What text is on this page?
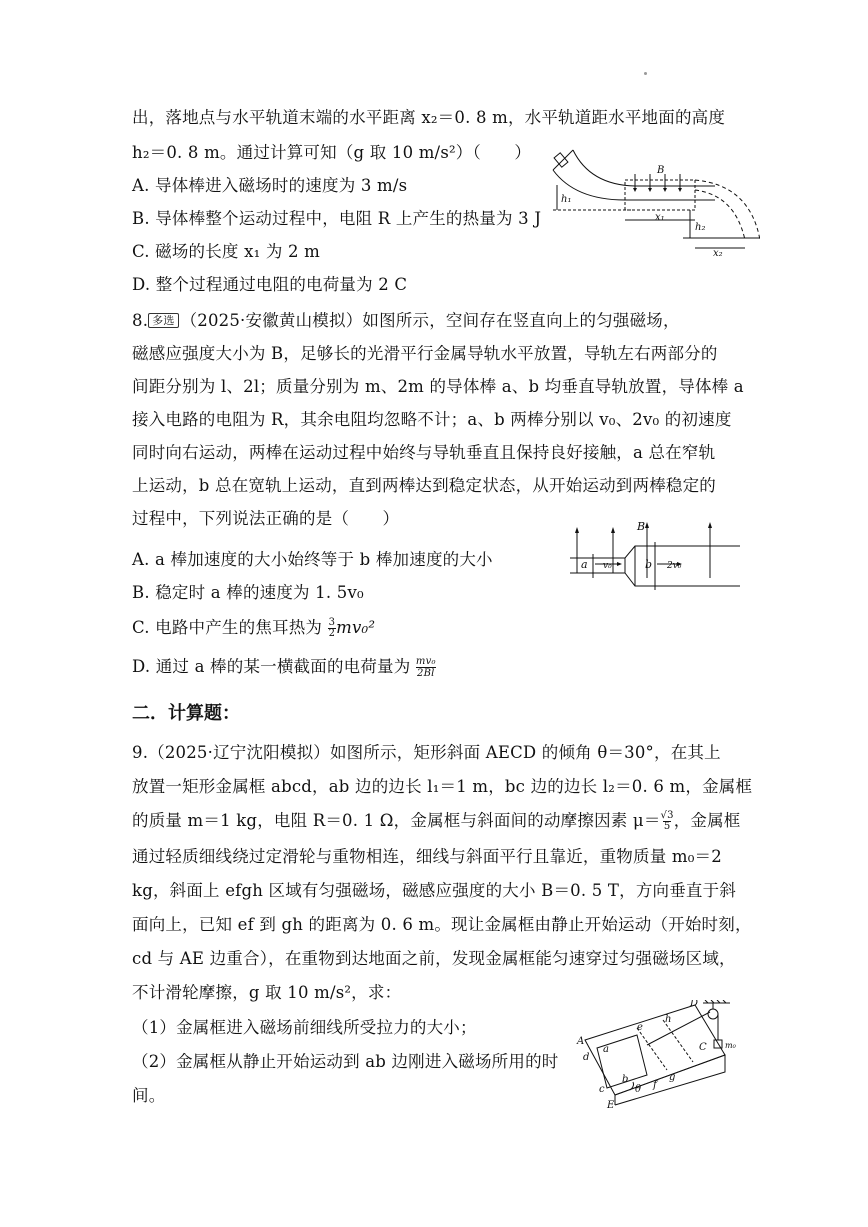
出，落地点与水平轨道末端的水平距离 x₂＝0. 8 m，水平轨道距水平地面的高度
h₂＝0. 8 m。通过计算可知（g 取 10 m/s²）（　　）
A. 导体棒进入磁场时的速度为 3 m/s
B. 导体棒整个运动过程中，电阻 R 上产生的热量为 3 J
C. 磁场的长度 x₁ 为 2 m
D. 整个过程通过电阻的电荷量为 2 C
h₁
B
x₁
h₂
x₂
8. 多选 （2025·安徽黄山模拟）如图所示，空间存在竖直向上的匀强磁场，
磁感应强度大小为 B，足够长的光滑平行金属导轨水平放置，导轨左右两部分的
间距分别为 l、2l；质量分别为 m、2m 的导体棒 a、b 均垂直导轨放置，导体棒 a
接入电路的电阻为 R，其余电阻均忽略不计；a、b 两棒分别以 v₀、2v₀ 的初速度
同时向右运动，两棒在运动过程中始终与导轨垂直且保持良好接触，a 总在窄轨
上运动，b 总在宽轨上运动，直到两棒达到稳定状态，从开始运动到两棒稳定的
过程中，下列说法正确的是（　　）
A. a 棒加速度的大小始终等于 b 棒加速度的大小
B. 稳定时 a 棒的速度为 1. 5v₀
C. 电路中产生的焦耳热为 $\frac{3}{2} mv_0^2$
D. 通过 a 棒的某一横截面的电荷量为 $\frac{\text{mv₀}}{2Bl}$
B
a v₀	b 2v₀
二．计算题：
9.（2025·辽宁沈阳模拟）如图所示，矩形斜面 AECD 的倾角 θ＝30°，在其上
放置一矩形金属框 abcd，ab 边的边长 l₁＝1 m，bc 边的边长 l₂＝0. 6 m，金属框
的质量 m＝1 kg，电阻 R＝0. 1 Ω，金属框与斜面间的动摩擦因素 $\mu= \frac{√3}{5}$ ，金属框
通过轻质细线绕过定滑轮与重物相连，细线与斜面平行且靠近，重物质量 m₀＝2
kg，斜面上 efgh 区域有匀强磁场，磁感应强度的大小 B＝0. 5 T，方向垂直于斜
面向上，已知 ef 到 gh 的距离为 0. 6 m。现让金属框由静止开始运动（开始时刻，
cd 与 AE 边重合），在重物到达地面之前，发现金属框能匀速穿过匀强磁场区域，
不计滑轮摩擦，g 取 10 m/s²，求：
（1）金属框进入磁场前细线所受拉力的大小；
（2）金属框从静止开始运动到 ab 边刚进入磁场所用的时
间。
D
h
e
C m₀
A
a
d
b
c	θ f
g
E
